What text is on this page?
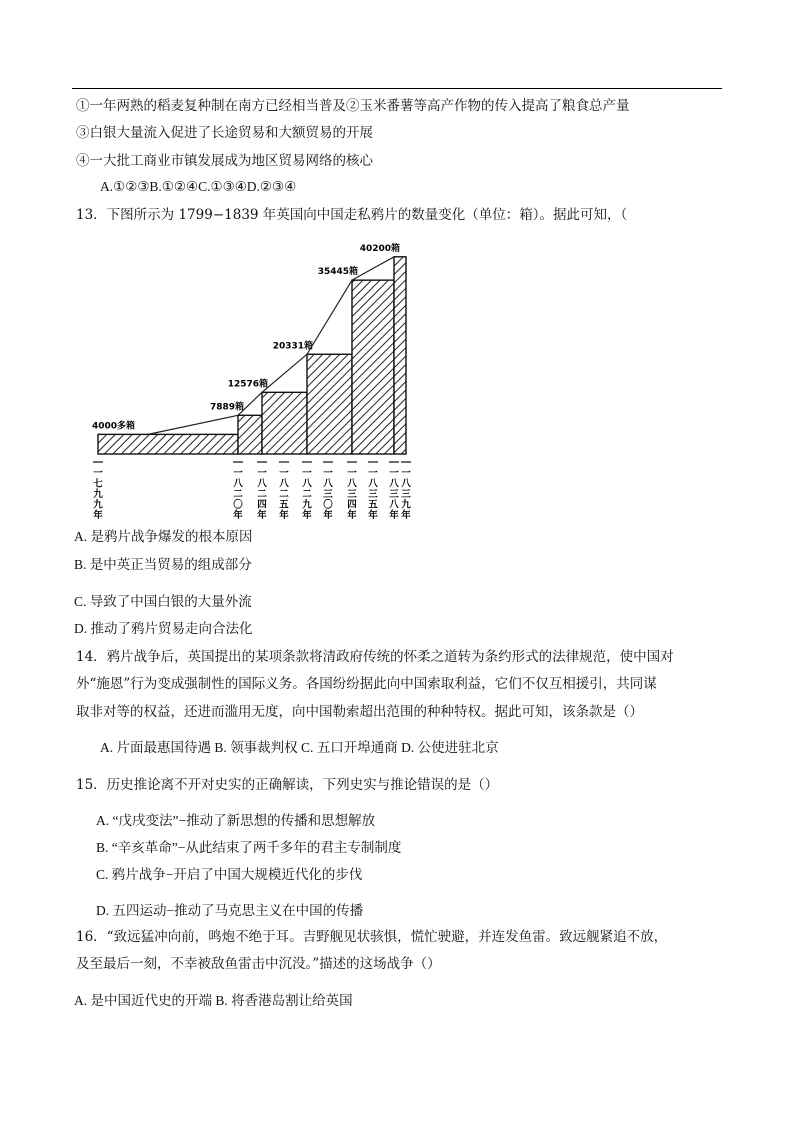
①一年两熟的稻麦复种制在南方已经相当普及②玉米番薯等高产作物的传入提高了粮食总产量
③白银大量流入促进了长途贸易和大额贸易的开展
④一大批工商业市镇发展成为地区贸易网络的核心
A.①②③B.①②④C.①③④D.②③④
13．下图所示为 1799−1839 年英国向中国走私鸦片的数量变化（单位：箱）。据此可知，（
4000多箱
7889箱
12576箱
20331箱
35445箱
40200箱
一七九九年
一八二〇年
一八二四年
一八二五年
一八二九年
一八三〇年
一八三四年
一八三五年
一八三八年
一八三九年
A. 是鸦片战争爆发的根本原因
B. 是中英正当贸易的组成部分
C. 导致了中国白银的大量外流
D. 推动了鸦片贸易走向合法化
14．鸦片战争后，英国提出的某项条款将清政府传统的怀柔之道转为条约形式的法律规范，使中国对
外“施恩”行为变成强制性的国际义务。各国纷纷据此向中国索取利益，它们不仅互相援引，共同谋
取非对等的权益，还进而滥用无度，向中国勒索超出范围的种种特权。据此可知，该条款是（）
A. 片面最惠国待遇 B. 领事裁判权 C. 五口开埠通商 D. 公使进驻北京
15．历史推论离不开对史实的正确解读，下列史实与推论错误的是（）
A. “戊戌变法”−推动了新思想的传播和思想解放
B. “辛亥革命”−从此结束了两千多年的君主专制制度
C. 鸦片战争−开启了中国大规模近代化的步伐
D. 五四运动−推动了马克思主义在中国的传播
16．“致远猛冲向前，鸣炮不绝于耳。吉野舰见状骇惧，慌忙驶避，并连发鱼雷。致远舰紧追不放，
及至最后一刻，不幸被敌鱼雷击中沉没。”描述的这场战争（）
A. 是中国近代史的开端 B. 将香港岛割让给英国
